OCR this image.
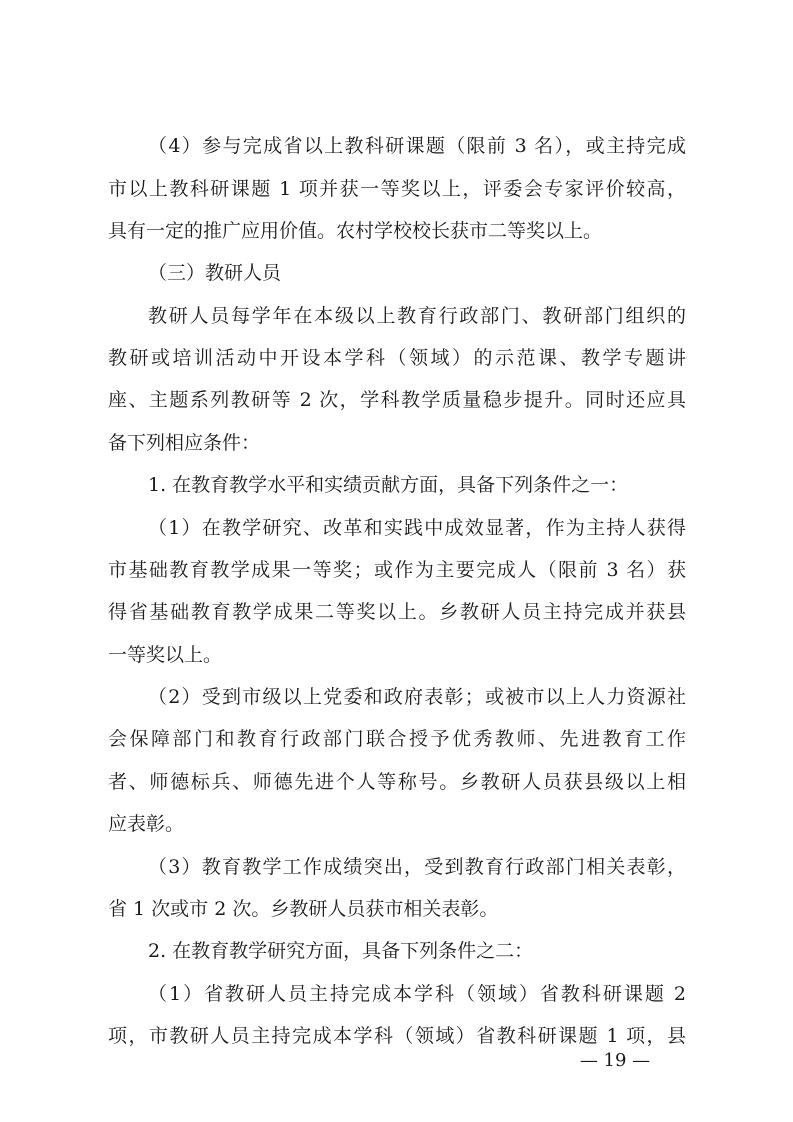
（4）参与完成省以上教科研课题（限前 3 名），或主持完成
市以上教科研课题 1 项并获一等奖以上，评委会专家评价较高，
具有一定的推广应用价值。农村学校校长获市二等奖以上。
（三）教研人员
教研人员每学年在本级以上教育行政部门、教研部门组织的
教研或培训活动中开设本学科（领域）的示范课、教学专题讲
座、主题系列教研等 2 次，学科教学质量稳步提升。同时还应具
备下列相应条件：
1. 在教育教学水平和实绩贡献方面，具备下列条件之一：
（1）在教学研究、改革和实践中成效显著，作为主持人获得
市基础教育教学成果一等奖；或作为主要完成人（限前 3 名）获
得省基础教育教学成果二等奖以上。乡教研人员主持完成并获县
一等奖以上。
（2）受到市级以上党委和政府表彰；或被市以上人力资源社
会保障部门和教育行政部门联合授予优秀教师、先进教育工作
者、师德标兵、师德先进个人等称号。乡教研人员获县级以上相
应表彰。
（3）教育教学工作成绩突出，受到教育行政部门相关表彰，
省 1 次或市 2 次。乡教研人员获市相关表彰。
2. 在教育教学研究方面，具备下列条件之二：
（1）省教研人员主持完成本学科（领域）省教科研课题 2
项，市教研人员主持完成本学科（领域）省教科研课题 1 项，县
— 19 —
